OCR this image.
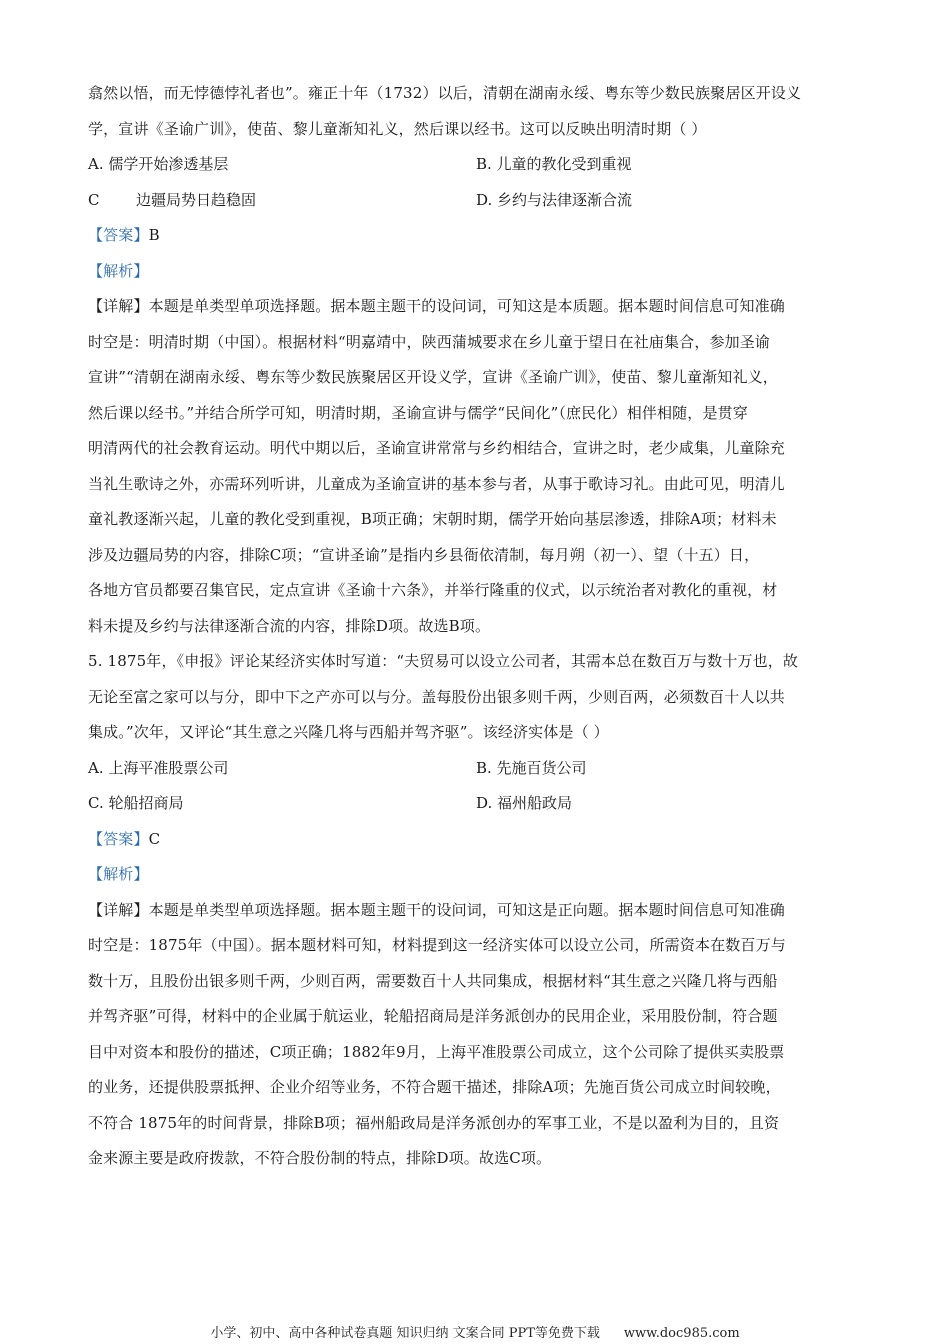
翕然以悟，而无悖德悖礼者也”。雍正十年（1732）以后，清朝在湖南永绥、粤东等少数民族聚居区开设义
学，宣讲《圣谕广训》，使苗、黎儿童渐知礼义，然后课以经书。这可以反映出明清时期（ ）
A. 儒学开始渗透基层	B. 儿童的教化受到重视
C 边疆局势日趋稳固	D. 乡约与法律逐渐合流
【答案】B
【解析】
【详解】本题是单类型单项选择题。据本题主题干的设问词，可知这是本质题。据本题时间信息可知准确
时空是：明清时期（中国）。根据材料“明嘉靖中，陕西蒲城要求在乡儿童于望日在社庙集合，参加圣谕
宣讲”“清朝在湖南永绥、粤东等少数民族聚居区开设义学，宣讲《圣谕广训》，使苗、黎儿童渐知礼义，
然后课以经书。”并结合所学可知，明清时期，圣谕宣讲与儒学“民间化”（庶民化）相伴相随，是贯穿
明清两代的社会教育运动。明代中期以后，圣谕宣讲常常与乡约相结合，宣讲之时，老少咸集，儿童除充
当礼生歌诗之外，亦需环列听讲，儿童成为圣谕宣讲的基本参与者，从事于歌诗习礼。由此可见，明清儿
童礼教逐渐兴起，儿童的教化受到重视，B项正确；宋朝时期，儒学开始向基层渗透，排除A项；材料未
涉及边疆局势的内容，排除C项；“宣讲圣谕”是指内乡县衙依清制，每月朔（初一）、望（十五）日，
各地方官员都要召集官民，定点宣讲《圣谕十六条》，并举行隆重的仪式，以示统治者对教化的重视，材
料未提及乡约与法律逐渐合流的内容，排除D项。故选B项。
5. 1875年，《申报》评论某经济实体时写道：“夫贸易可以设立公司者，其需本总在数百万与数十万也，故
无论至富之家可以与分，即中下之产亦可以与分。盖每股份出银多则千两，少则百两，必须数百十人以共
集成。”次年，又评论“其生意之兴隆几将与西船并驾齐驱”。该经济实体是（ ）
A. 上海平准股票公司	B. 先施百货公司
C. 轮船招商局	D. 福州船政局
【答案】C
【解析】
【详解】本题是单类型单项选择题。据本题主题干的设问词，可知这是正向题。据本题时间信息可知准确
时空是：1875年（中国）。据本题材料可知，材料提到这一经济实体可以设立公司，所需资本在数百万与
数十万，且股份出银多则千两，少则百两，需要数百十人共同集成，根据材料“其生意之兴隆几将与西船
并驾齐驱”可得，材料中的企业属于航运业，轮船招商局是洋务派创办的民用企业，采用股份制，符合题
目中对资本和股份的描述，C项正确；1882年9月，上海平准股票公司成立，这个公司除了提供买卖股票
的业务，还提供股票抵押、企业介绍等业务，不符合题干描述，排除A项；先施百货公司成立时间较晚，
不符合 1875年的时间背景，排除B项；福州船政局是洋务派创办的军事工业，不是以盈利为目的，且资
金来源主要是政府拨款，不符合股份制的特点，排除D项。故选C项。
小学、初中、高中各种试卷真题 知识归纳 文案合同 PPT等免费下载 www.doc985.com
